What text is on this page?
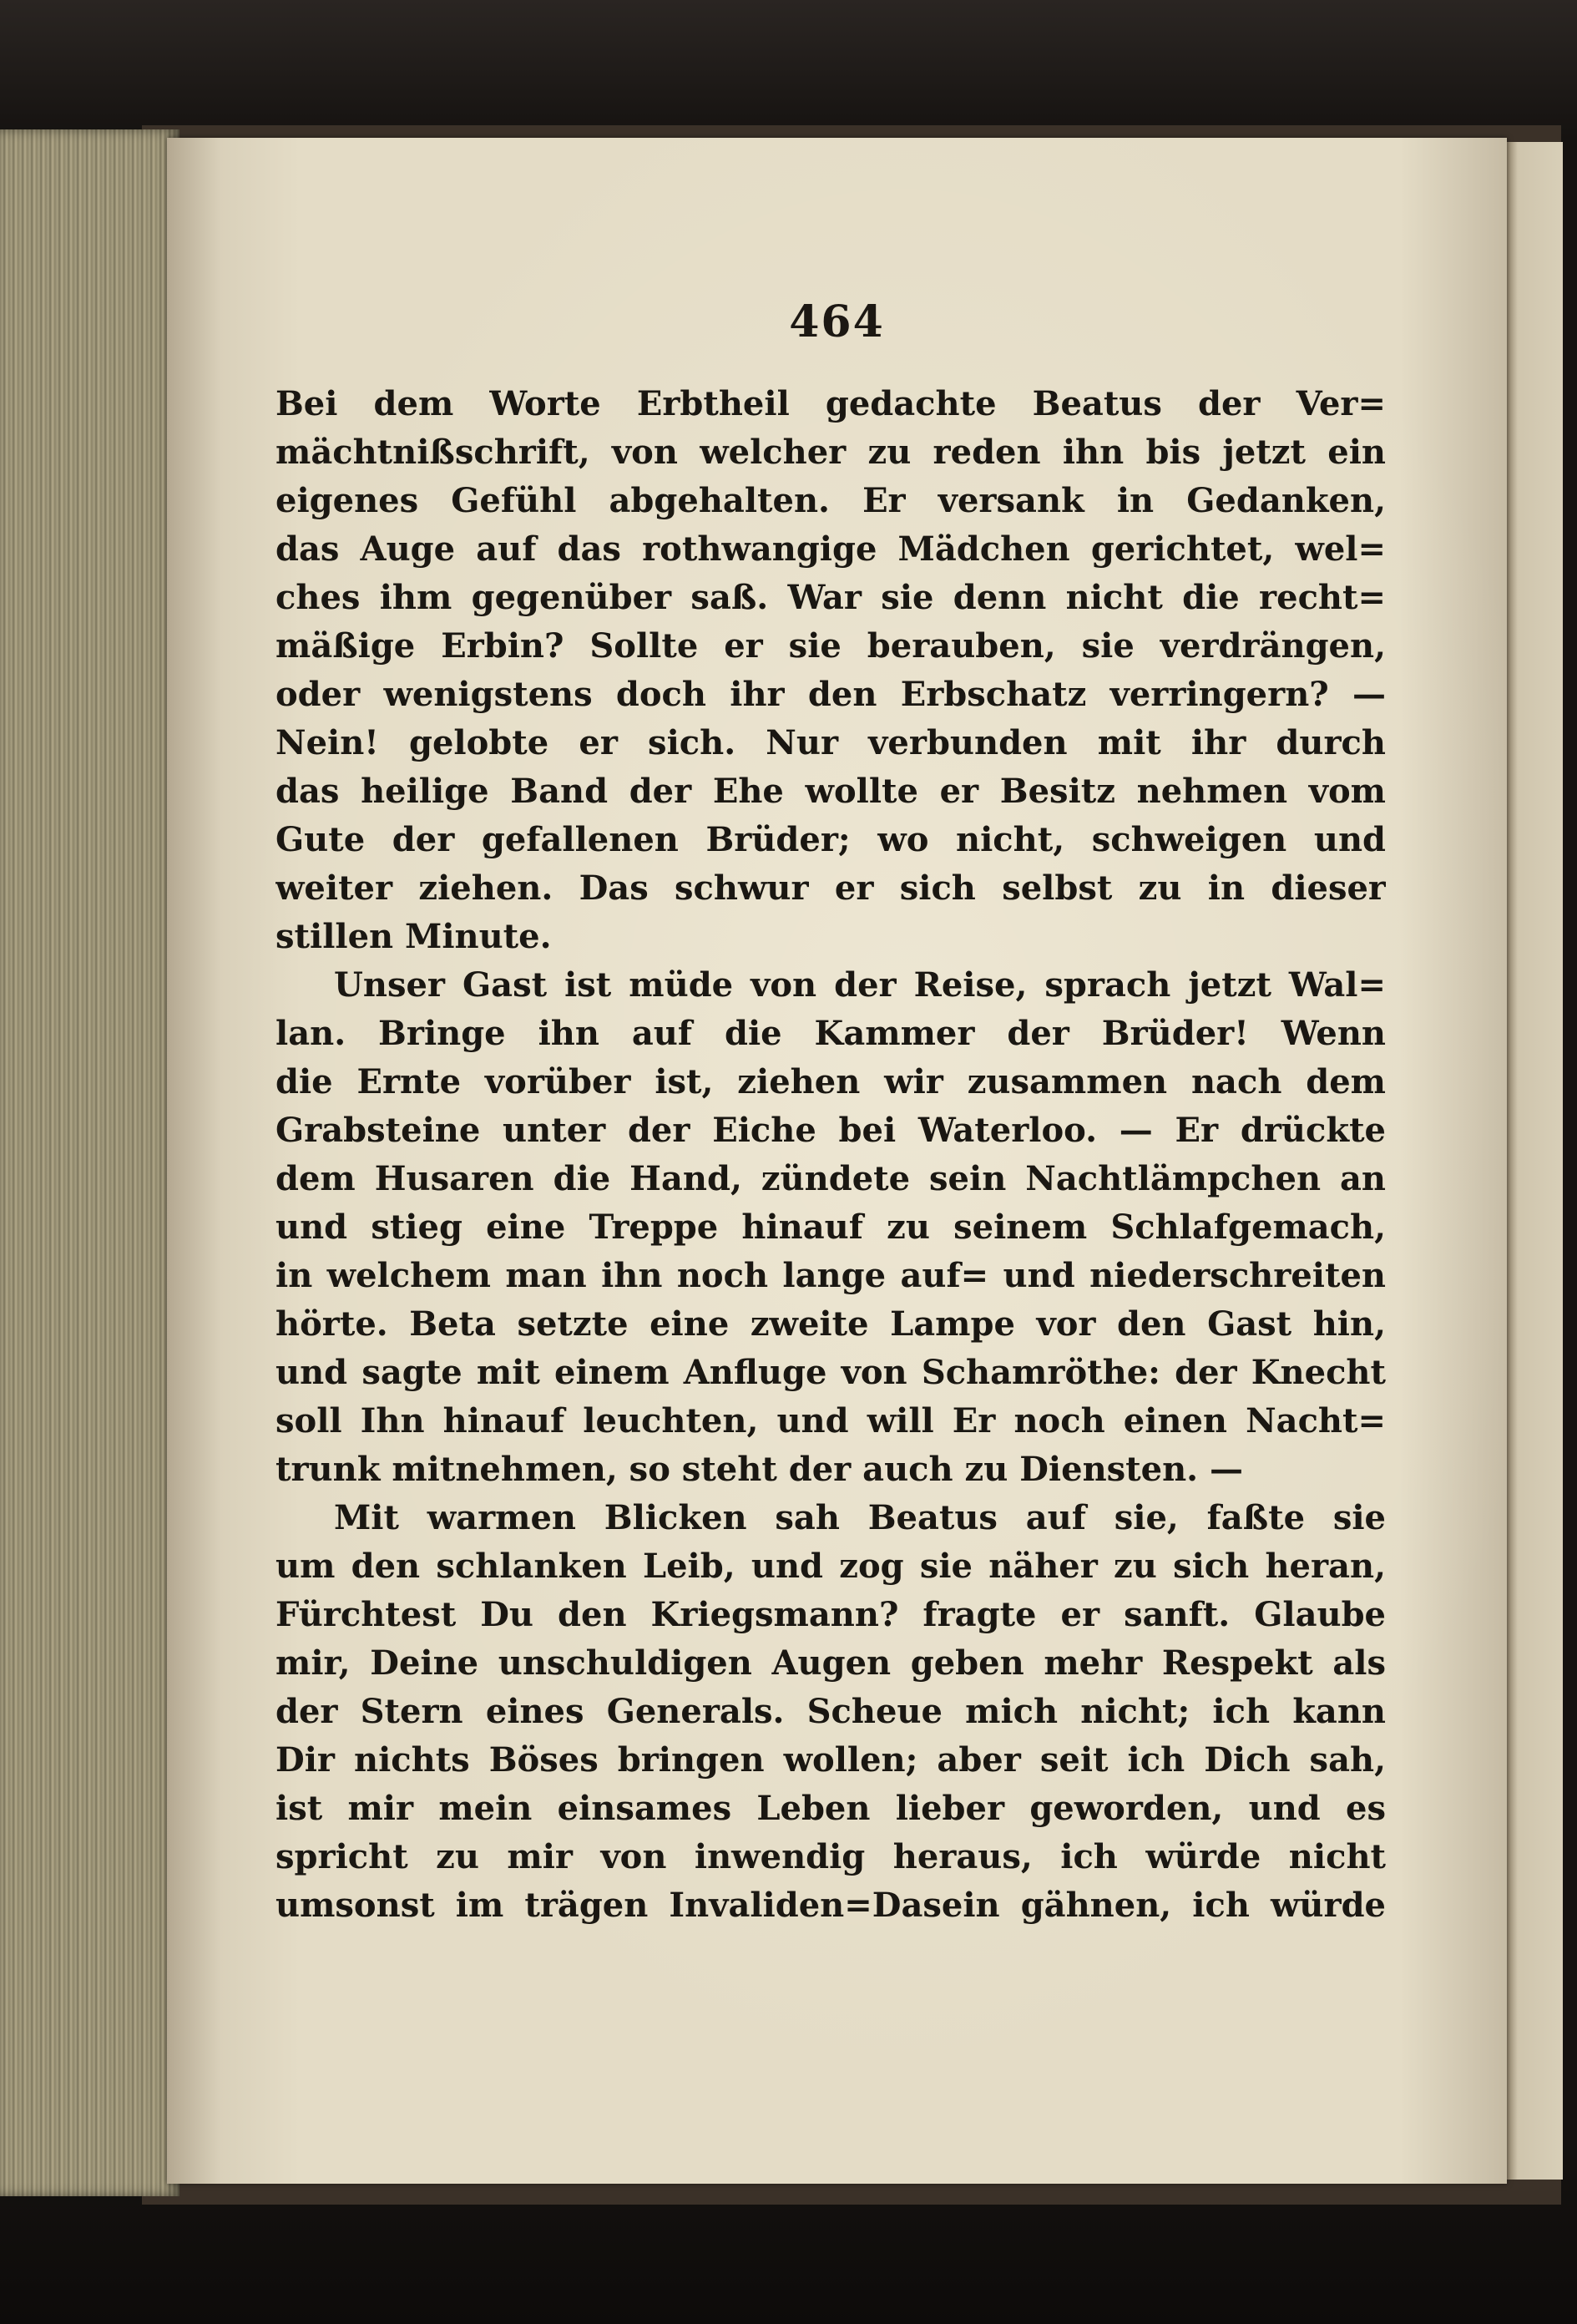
464
Bei dem Worte Erbtheil gedachte Beatus der Ver=
mächtnißschrift, von welcher zu reden ihn bis jetzt ein
eigenes Gefühl abgehalten. Er versank in Gedanken,
das Auge auf das rothwangige Mädchen gerichtet, wel=
ches ihm gegenüber saß. War sie denn nicht die recht=
mäßige Erbin? Sollte er sie berauben, sie verdrängen,
oder wenigstens doch ihr den Erbschatz verringern? —
Nein! gelobte er sich. Nur verbunden mit ihr durch
das heilige Band der Ehe wollte er Besitz nehmen vom
Gute der gefallenen Brüder; wo nicht, schweigen und
weiter ziehen. Das schwur er sich selbst zu in dieser
stillen Minute.
Unser Gast ist müde von der Reise, sprach jetzt Wal=
lan. Bringe ihn auf die Kammer der Brüder! Wenn
die Ernte vorüber ist, ziehen wir zusammen nach dem
Grabsteine unter der Eiche bei Waterloo. — Er drückte
dem Husaren die Hand, zündete sein Nachtlämpchen an
und stieg eine Treppe hinauf zu seinem Schlafgemach,
in welchem man ihn noch lange auf= und niederschreiten
hörte. Beta setzte eine zweite Lampe vor den Gast hin,
und sagte mit einem Anfluge von Schamröthe: der Knecht
soll Ihn hinauf leuchten, und will Er noch einen Nacht=
trunk mitnehmen, so steht der auch zu Diensten. —
Mit warmen Blicken sah Beatus auf sie, faßte sie
um den schlanken Leib, und zog sie näher zu sich heran,
Fürchtest Du den Kriegsmann? fragte er sanft. Glaube
mir, Deine unschuldigen Augen geben mehr Respekt als
der Stern eines Generals. Scheue mich nicht; ich kann
Dir nichts Böses bringen wollen; aber seit ich Dich sah,
ist mir mein einsames Leben lieber geworden, und es
spricht zu mir von inwendig heraus, ich würde nicht
umsonst im trägen Invaliden=Dasein gähnen, ich würde
